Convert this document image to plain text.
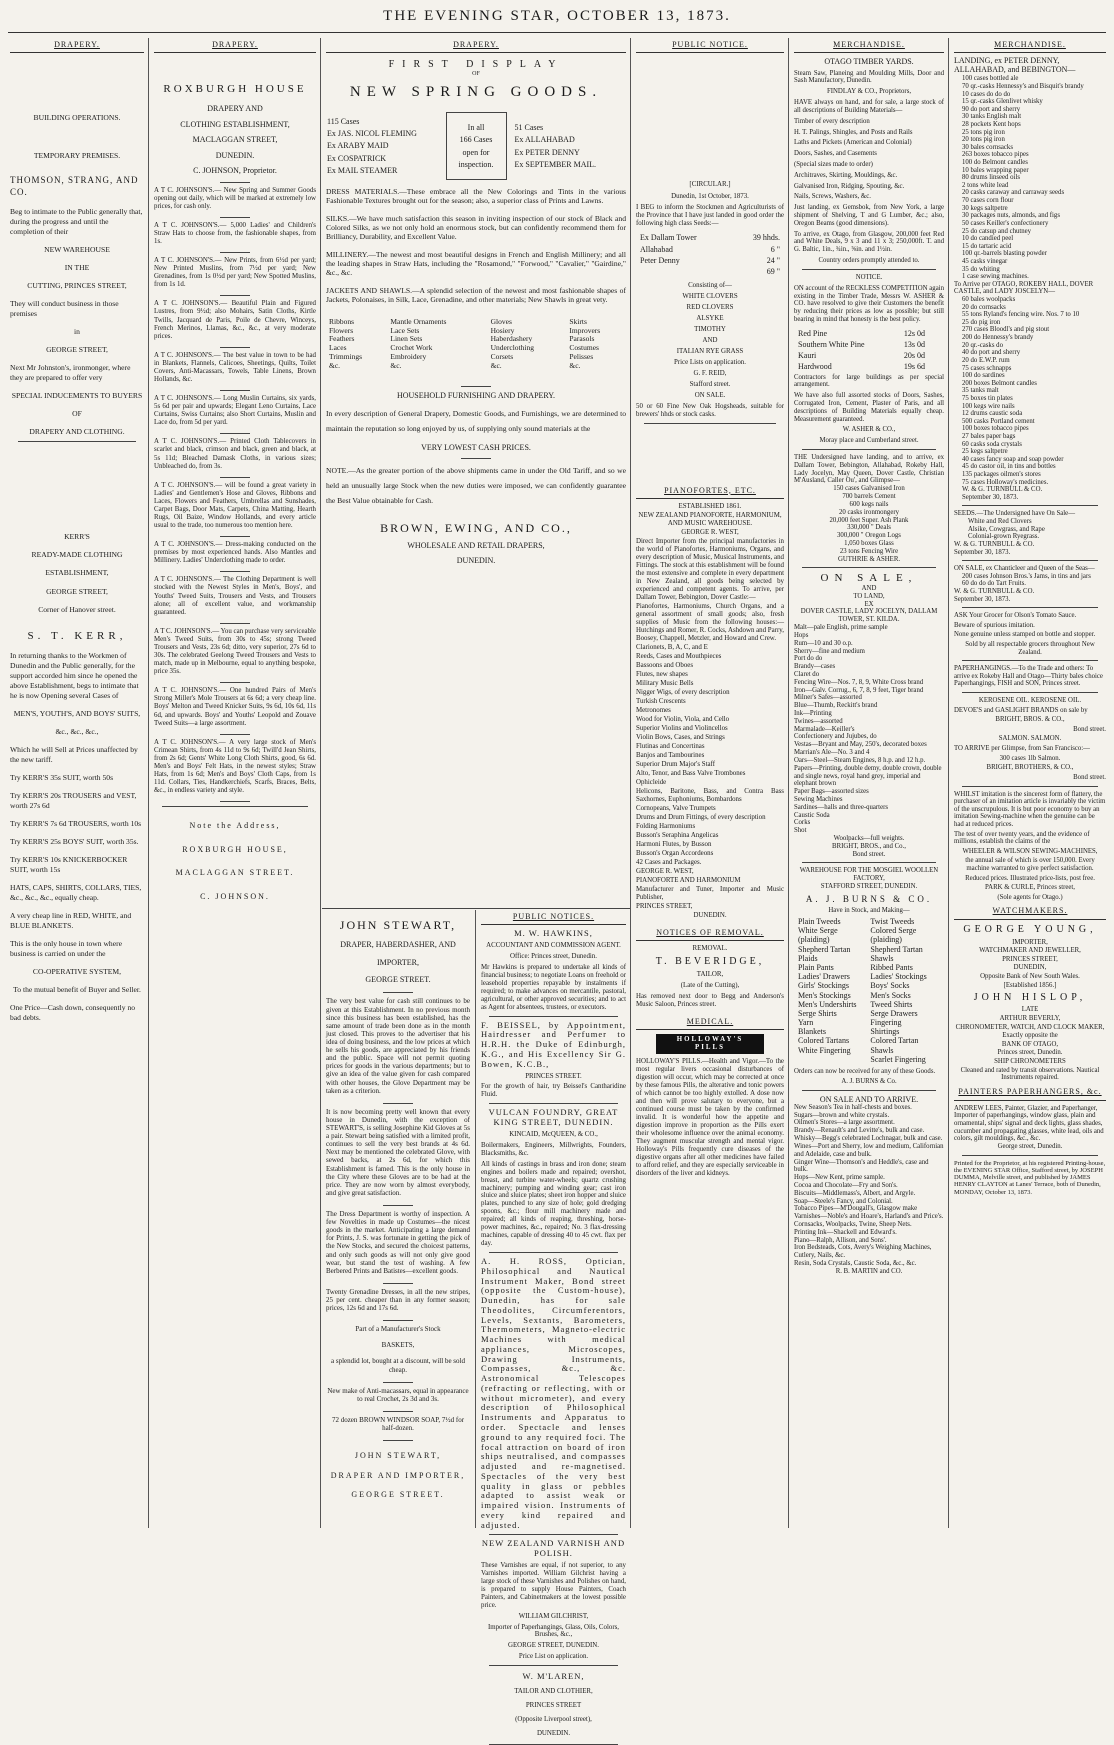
THE EVENING STAR, OCTOBER 13, 1873.
DRAPERY.
BUILDING OPERATIONS.
TEMPORARY PREMISES.
THOMSON, STRANG, AND CO.
Beg to intimate to the Public generally that, during the progress and until the completion of their
NEW WAREHOUSE
IN THE
CUTTING, PRINCES STREET,
They will conduct business in those premises
in
GEORGE STREET,
Next Mr Johnston's, ironmonger, where they are prepared to offer very
SPECIAL INDUCEMENTS TO BUYERS
OF
DRAPERY AND CLOTHING.
KERR'S
READY-MADE CLOTHING
ESTABLISHMENT,
GEORGE STREET,
Corner of Hanover street.
S. T. KERR,
In returning thanks to the Workmen of Dunedin and the Public generally, for the support accorded him since he opened the above Establishment, begs to intimate that he is now Opening several Cases of
MEN'S, YOUTH'S, AND BOYS' SUITS,
&c., &c., &c.,
Which he will Sell at Prices unaffected by the new tariff.
Try KERR'S 35s SUIT, worth 50s
Try KERR'S 20s TROUSERS and VEST, worth 27s 6d
Try KERR'S 7s 6d TROUSERS, worth 10s
Try KERR'S 25s BOYS' SUIT, worth 35s.
Try KERR'S 10s KNICKERBOCKER SUIT, worth 15s
HATS, CAPS, SHIRTS, COLLARS, TIES, &c., &c., &c., equally cheap.
A very cheap line in RED, WHITE, and BLUE BLANKETS.
This is the only house in town where business is carried on under the
CO-OPERATIVE SYSTEM,
To the mutual benefit of Buyer and Seller.
One Price—Cash down, consequently no bad debts.
DRAPERY.
ROXBURGH HOUSE
DRAPERY AND
CLOTHING ESTABLISHMENT,
MACLAGGAN STREET,
DUNEDIN.
C. JOHNSON, Proprietor.

A T C. JOHNSON'S.— New Spring and Summer Goods opening out daily, which will be marked at extremely low prices, for cash only.

A T C. JOHNSON'S.— 5,000 Ladies' and Children's Straw Hats to choose from, the fashionable shapes, from 1s.

A T C. JOHNSON'S.— New Prints, from 6½d per yard; New Printed Muslins, from 7½d per yard; New Grenadines, from 1s 0½d per yard; New Spotted Muslins, from 1s 1d.

A T C. JOHNSON'S.— Beautiful Plain and Figured Lustres, from 9½d; also Mohairs, Satin Cloths, Kirtle Twills, Jacquard de Paris, Poile de Chevre, Winceys, French Merinos, Llamas, &c., &c., at very moderate prices.

A T C. JOHNSON'S.— The best value in town to be had in Blankets, Flannels, Calicoes, Sheetings, Quilts, Toilet Covers, Anti-Macassars, Towels, Table Linens, Brown Hollands, &c.

A T C. JOHNSON'S.— Long Muslin Curtains, six yards, 5s 6d per pair and upwards; Elegant Leno Curtains, Lace Curtains, Swiss Curtains; also Short Curtains, Muslin and Lace do, from 5d per yard.

A T C. JOHNSON'S.— Printed Cloth Tablecovers in scarlet and black, crimson and black, green and black, at 5s 11d; Bleached Damask Cloths, in various sizes; Unbleached do, from 3s.

A T C. JOHNSON'S.— will be found a great variety in Ladies' and Gentlemen's Hose and Gloves, Ribbons and Laces, Flowers and Feathers, Umbrellas and Sunshades, Carpet Bags, Door Mats, Carpets, China Matting, Hearth Rugs, Oil Baize, Window Hollands, and every article usual to the trade, too numerous too mention here.

A T C. JOHNSON'S.— Dress-making conducted on the premises by most experienced hands. Also Mantles and Millinery. Ladies' Underclothing made to order.

A T C. JOHNSON'S.— The Clothing Department is well stocked with the Newest Styles in Men's, Boys', and Youths' Tweed Suits, Trousers and Vests, and Trousers alone; all of excellent value, and workmanship guaranteed.

A T C. JOHNSON'S.— You can purchase very serviceable Men's Tweed Suits, from 30s to 45s; strong Tweed Trousers and Vests, 23s 6d; ditto, very superior, 27s 6d to 30s. The celebrated Geelong Tweed Trousers and Vests to match, made up in Melbourne, equal to anything bespoke, price 35s.

A T C. JOHNSON'S.— One hundred Pairs of Men's Strong Miller's Mole Trousers at 6s 6d; a very cheap line. Boys' Melton and Tweed Knicker Suits, 9s 6d, 10s 6d, 11s 6d, and upwards. Boys' and Youths' Leopold and Zouave Tweed Suits—a large assortment.

A T C. JOHNSON'S.— A very large stock of Men's Crimean Shirts, from 4s 11d to 9s 6d; Twill'd Jean Shirts, from 2s 6d; Gents' White Long Cloth Shirts, good, 6s 6d. Men's and Boys' Felt Hats, in the newest styles; Straw Hats, from 1s 6d; Men's and Boys' Cloth Caps, from 1s 11d. Collars, Ties, Handkerchiefs, Scarfs, Braces, Belts, &c., in endless variety and style.

Note the Address,
ROXBURGH HOUSE,
MACLAGGAN STREET.
C. JOHNSON.
DRAPERY.
FIRST DISPLAY
OF
NEW SPRING GOODS.
115 Cases
Ex JAS. NICOL FLEMING
Ex ARABY MAID
Ex COSPATRICK
Ex MAIL STEAMER

In all
166 Cases
open for
inspection.

51 Cases
Ex ALLAHABAD
Ex PETER DENNY
Ex SEPTEMBER MAIL.

DRESS MATERIALS.—These embrace all the New Colorings and Tints in the various Fashionable Textures brought out for the season; also, a superior class of Prints and Lawns.

SILKS.—We have much satisfaction this season in inviting inspection of our stock of Black and Colored Silks, as we not only hold an enormous stock, but can confidently recommend them for Brilliancy, Durability, and Excellent Value.

MILLINERY.—The newest and most beautiful designs in French and English Millinery; and all the leading shapes in Straw Hats, including the "Rosamond," "Forwood," "Cavalier," "Gairdine," &c., &c.

JACKETS AND SHAWLS.—A splendid selection of the newest and most fashionable shapes of Jackets, Polonaises, in Silk, Lace, Grenadine, and other materials; New Shawls in great vety.

Ribbons
Flowers
Feathers
Laces
Trimmings
&c.

Mantle Ornaments
Lace Sets
Linen Sets
Crochet Work
Embroidery
&c.

Gloves
Hosiery
Haberdashery
Underclothing
Corsets
&c.

Skirts
Improvers
Parasols
Costumes
Pelisses
&c.
HOUSEHOLD FURNISHING AND DRAPERY.

In every description of General Drapery, Domestic Goods, and Furnishings, we are determined to maintain the reputation so long enjoyed by us, of supplying only sound materials at the

VERY LOWEST CASH PRICES.

NOTE.—As the greater portion of the above shipments came in under the Old Tariff, and so we held an unusually large Stock when the new duties were imposed, we can confidently guarantee the Best Value obtainable for Cash.

BROWN, EWING, AND CO.,
WHOLESALE AND RETAIL DRAPERS,
DUNEDIN.
JOHN STEWART,
DRAPER, HABERDASHER, AND
IMPORTER,
GEORGE STREET.

The very best value for cash still continues to be given at this Establishment. In no previous month since this business has been established, has the same amount of trade been done as in the month just closed. This proves to the advertiser that his idea of doing business, and the low prices at which he sells his goods, are appreciated by his friends and the public. Space will not permit quoting prices for goods in the various departments; but to give an idea of the value given for cash compared with other houses, the Glove Department may be taken as a criterion.

It is now becoming pretty well known that every house in Dunedin, with the exception of STEWART'S, is selling Josephine Kid Gloves at 5s a pair. Stewart being satisfied with a limited profit, continues to sell the very best brands at 4s 6d. Next may be mentioned the celebrated Glove, with sewed backs, at 2s 6d, for which this Establishment is famed. This is the only house in the City where these Gloves are to be had at the price. They are now worn by almost everybody, and give great satisfaction.

The Dress Department is worthy of inspection. A few Novelties in made up Costumes—the nicest goods in the market. Anticipating a large demand for Prints, J. S. was fortunate in getting the pick of the New Stocks, and secured the choicest patterns, and only such goods as will not only give good wear, but stand the test of washing. A few Berbered Prints and Batistes—excellent goods.

Twenty Grenadine Dresses, in all the new stripes, 25 per cent. cheaper than in any former season; prices, 12s 6d and 17s 6d.

Part of a Manufacturer's Stock

BASKETS,

a splendid lot, bought at a discount, will be sold cheap.

New make of Anti-macassars, equal in appearance to real Crochet, 2s 3d and 3s.

72 dozen BROWN WINDSOR SOAP, 7½d for half-dozen.

JOHN STEWART,
DRAPER AND IMPORTER,
GEORGE STREET.
PUBLIC NOTICES.

M. W. HAWKINS,

ACCOUNTANT AND COMMISSION AGENT.

Office: Princes street, Dunedin.

Mr Hawkins is prepared to undertake all kinds of financial business; to negotiate Loans on freehold or leasehold properties repayable by instalments if required; to make advances on mercantile, pastoral, agricultural, or other approved securities; and to act as Agent for absentees, trustees, or executors.

F. BEISSEL, by Appointment, Hairdresser and Perfumer to H.R.H. the Duke of Edinburgh, K.G., and His Excellency Sir G. Bowen, K.C.B.,

PRINCES STREET.

For the growth of hair, try Beissel's Cantharidine Fluid.

VULCAN FOUNDRY, GREAT KING STREET, DUNEDIN.

KINCAID, McQUEEN, & CO.,

Boilermakers, Engineers, Millwrights, Founders, Blacksmiths, &c.

All kinds of castings in brass and iron done; steam engines and boilers made and repaired; overshot, breast, and turbine water-wheels; quartz crushing machinery; pumping and winding gear; cast iron sluice and sluice plates; sheet iron hopper and sluice plates, punched to any size of hole; gold dredging spoons, &c.; flour mill machinery made and repaired; all kinds of reaping, threshing, horse-power machines, &c., repaired; No. 3 flax-dressing machines, capable of dressing 40 to 45 cwt. flax per day.

A. H. ROSS, Optician, Philosophical and Nautical Instrument Maker, Bond street (opposite the Custom-house), Dunedin, has for sale Theodolites, Circumferentors, Levels, Sextants, Barometers, Thermometers, Magneto-electric Machines with medical appliances, Microscopes, Drawing Instruments, Compasses, &c., &c. Astronomical Telescopes (refracting or reflecting, with or without micrometer), and every description of Philosophical Instruments and Apparatus to order. Spectacle and lenses ground to any required foci. The focal attraction on board of iron ships neutralised, and compasses adjusted and re-magnetised. Spectacles of the very best quality in glass or pebbles adapted to assist weak or impaired vision. Instruments of every kind repaired and adjusted.

NEW ZEALAND VARNISH AND POLISH.

These Varnishes are equal, if not superior, to any Varnishes imported. William Gilchrist having a large stock of these Varnishes and Polishes on hand, is prepared to supply House Painters, Coach Painters, and Cabinetmakers at the lowest possible price.

WILLIAM GILCHRIST,

Importer of Paperhangings, Glass, Oils, Colors, Brushes, &c.,

GEORGE STREET, DUNEDIN.

Price List on application.

W. M'LAREN,

TAILOR AND CLOTHIER,

PRINCES STREET

(Opposite Liverpool street),

DUNEDIN.

PUBLIC NOTICE.

[CIRCULAR.]

Dunedin, 1st October, 1873.

I BEG to inform the Stockmen and Agriculturists of the Province that I have just landed in good order the following high class Seeds:—

Ex Dallam Tower	39 hhds.
Allahabad	6 "
Peter Denny	24 "
	69 "
Consisting of—
WHITE CLOVERS
RED CLOVERS
ALSYKE
TIMOTHY
AND
ITALIAN RYE GRASS
Price Lists on application.
G. F. REID,
Stafford street.
ON SALE.
50 or 60 Fine New Oak Hogsheads, suitable for brewers' hhds or stock casks.
PIANOFORTES, ETC.

ESTABLISHED 1861.

NEW ZEALAND PIANOFORTE, HARMONIUM, AND MUSIC WAREHOUSE.

GEORGE R. WEST,

Direct Importer from the principal manufactories in the world of Pianofortes, Harmoniums, Organs, and every description of Music, Musical Instruments, and Fittings. The stock at this establishment will be found the most extensive and complete in every department in New Zealand, all goods being selected by experienced and competent agents. To arrive, per Dallam Tower, Bebington, Dover Castle:—

Pianofortes, Harmoniums, Church Organs, and a general assortment of small goods; also, fresh supplies of Music from the following houses:—Hutchings and Romer, R. Cocks, Ashdown and Parry, Boosey, Chappell, Metzler, and Howard and Crew.

Clarionets, B, A, C, and E

Reeds, Cases and Mouthpieces

Bassoons and Oboes

Flutes, new shapes

Military Music Bells

Nigger Wigs, of every description

Turkish Crescents

Metronomes

Wood for Violin, Viola, and Cello

Superior Violins and Violincellos

Violin Bows, Cases, and Strings

Flutinas and Concertinas

Banjos and Tambourines

Superior Drum Major's Staff

Alto, Tenor, and Bass Valve Trombones

Ophicleide

Helicons, Baritone, Bass, and Contra Bass Saxhornes, Euphoniums, Bombardons

Cornopeans, Valve Trumpets

Drums and Drum Fittings, of every description

Folding Harmoniums

Busson's Seraphina Angelicas

Harmoni Flutes, by Busson

Busson's Organ Accordeons

42 Cases and Packages.

GEORGE R. WEST,

PIANOFORTE AND HARMONIUM

Manufacturer and Tuner, Importer and Music Publisher,

PRINCES STREET,

DUNEDIN.

NOTICES OF REMOVAL.

REMOVAL.

T. BEVERIDGE,

TAILOR,

(Late of the Cutting),

Has removed next door to Begg and Anderson's Music Saloon, Princes street.

MEDICAL.
HOLLOWAY'S PILLS

HOLLOWAY'S PILLS.—Health and Vigor.—To the most regular livers occasional disturbances of digestion will occur, which may be corrected at once by these famous Pills, the alterative and tonic powers of which cannot be too highly extolled. A dose now and then will prove salutary to everyone, but a continued course must be taken by the confirmed invalid. It is wonderful how the appetite and digestion improve in proportion as the Pills exert their wholesome influence over the animal economy. They augment muscular strength and mental vigor. Holloway's Pills frequently cure diseases of the digestive organs after all other medicines have failed to afford relief, and they are especially serviceable in disorders of the liver and kidneys.

MERCHANDISE.

OTAGO TIMBER YARDS.

Steam Saw, Planeing and Moulding Mills, Door and Sash Manufactory, Dunedin.

FINDLAY & CO., Proprietors,

HAVE always on hand, and for sale, a large stock of all descriptions of Building Materials—

Timber of every description

H. T. Palings, Shingles, and Posts and Rails

Laths and Pickets (American and Colonial)

Doors, Sashes, and Casements

(Special sizes made to order)

Architraves, Skirting, Mouldings, &c.

Galvanised Iron, Ridging, Spouting, &c.

Nails, Screws, Washers, &c.

Just landing, ex Gemsbok, from New York, a large shipment of Shelving, T and G Lumber, &c.; also, Oregon Beams (good dimensions).

To arrive, ex Otago, from Glasgow, 200,000 feet Red and White Deals, 9 x 3 and 11 x 3; 250,000ft. T. and G. Baltic, 1in., ¾in., ⅝in. and 1½in.

Country orders promptly attended to.

NOTICE.

ON account of the RECKLESS COMPETITION again existing in the Timber Trade, Messrs W. ASHER & CO. have resolved to give their Customers the benefit by reducing their prices as low as possible; but still bearing in mind that honesty is the best policy.

Red Pine	12s 0d
Southern White Pine	13s 0d
Kauri	20s 0d
Hardwood	19s 6d

Contractors for large buildings as per special arrangement.

We have also full assorted stocks of Doors, Sashes, Corrugated Iron, Cement, Plaster of Paris, and all descriptions of Building Materials equally cheap. Measurement guaranteed.

W. ASHER & CO.,

Moray place and Cumberland street.

THE Undersigned have landing, and to arrive, ex Dallam Tower, Bebington, Allahabad, Rokeby Hall, Lady Jocelyn, May Queen, Dover Castle, Christian M'Ausland, Caller Ou', and Glimpse—
150 cases Galvanised Iron
700 barrels Cement
600 kegs nails
20 casks ironmongery
20,000 feet Super. Ash Plank
330,000 " Deals
300,000 " Oregon Logs
1,050 boxes Glass
23 tons Fencing Wire
GUTHRIE & ASHER.
ON SALE,
AND
TO LAND,
EX
DOVER CASTLE, LADY JOCELYN, DALLAM TOWER, ST. KILDA.
Malt—pale English, prime sample
Hops
Rum—10 and 30 o.p.
Sherry—fine and medium
Port do do
Brandy—cases
Claret do
Fencing Wire—Nos. 7, 8, 9, White Cross brand
Iron—Galv. Corrug., 6, 7, 8, 9 feet, Tiger brand
Milner's Safes—assorted
Blue—Thumb, Reckitt's brand
Ink—Printing
Twines—assorted
Marmalade—Keiller's
Confectionery and Jujubes, do
Vestas—Bryant and May, 250's, decorated boxes
Marrian's Ale—No. 3 and 4
Oars—Steel—Steam Engines, 8 h.p. and 12 h.p.
Papers—Printing, double demy, double crown, double and single news, royal hand grey, imperial and elephant brown
Paper Bags—assorted sizes
Sewing Machines
Sardines—halls and three-quarters
Caustic Soda
Corks
Shot
Woolpacks—full weights.
BRIGHT, BROS., and Co.,
Bond street.
WAREHOUSE FOR THE MOSGIEL WOOLLEN FACTORY,
STAFFORD STREET, DUNEDIN.
A. J. BURNS & CO.
Have in Stock, and Making—
Plain Tweeds
White Serge (plaiding)
Shepherd Tartan Plaids
Plain Pants
Ladies' Drawers
Girls' Stockings
Men's Stockings
Men's Undershirts
Serge Shirts
Yarn
Blankets
Colored Tartans
White Fingering

Twist Tweeds
Colored Serge (plaiding)
Shepherd Tartan Shawls
Ribbed Pants
Ladies' Stockings
Boys' Socks
Men's Socks
Tweed Shirts
Serge Drawers
Fingering
Shirtings
Colored Tartan Shawls
Scarlet Fingering
Orders can now be received for any of these Goods.
A. J. BURNS & Co.
ON SALE AND TO ARRIVE.
New Season's Tea in half-chests and boxes.
Sugars—brown and white crystals.
Oilmen's Stores—a large assortment.
Brandy—Renault's and Levitte's, bulk and case.
Whisky—Begg's celebrated Lochnagar, bulk and case.
Wines—Port and Sherry, low and medium, Californian and Adelaide, case and bulk.
Ginger Wine—Thomson's and Heddle's, case and bulk.
Hops—New Kent, prime sample.
Cocoa and Chocolate—Fry and Son's.
Biscuits—Middlemass's, Albert, and Argyle.
Soap—Steele's Fancy, and Colonial.
Tobacco Pipes—M'Dougall's, Glasgow make
Varnishes—Noble's and Hoare's, Harland's and Price's.
Cornsacks, Woolpacks, Twine, Sheep Nets.
Printing Ink—Shackell and Edward's.
Piano—Ralph, Allison, and Sons'.
Iron Bedsteads, Cots, Avery's Weighing Machines, Cutlery, Nails, &c.
Resin, Soda Crystals, Caustic Soda, &c., &c.
R. B. MARTIN and CO.
MERCHANDISE.
LANDING, ex PETER DENNY, ALLAHABAD, and BEBINGTON—
100 cases bottled ale
70 qr.-casks Hennessy's and Bisquit's brandy
10 cases do do do
15 qr.-casks Glenlivet whisky
90 do port and sherry
30 tanks English malt
28 pockets Kent hops
25 tons pig iron
20 tons pig iron
30 bales cornsacks
263 boxes tobacco pipes
100 do Belmont candles
10 bales wrapping paper
80 drums linseed oils
2 tons white lead
20 casks caraway and carraway seeds
70 cases corn flour
30 kegs saltpetre
30 packages nuts, almonds, and figs
50 cases Keiller's confectionery
25 do catsup and chutney
10 do candied peel
15 do tartaric acid
100 qr.-barrels blasting powder
45 casks vinegar
35 do whiting
1 case sewing machines.
To Arrive per OTAGO, ROKEBY HALL, DOVER CASTLE, and LADY JOSCELYN—
60 bales woolpacks
20 do cornsacks
55 tons Ryland's fencing wire. Nos. 7 to 10
25 do pig iron
270 cases Bloodl's and pig stout
200 do Hennessy's brandy
20 qr.-casks do
40 do port and sherry
20 do E.W.P. rum
75 cases schnapps
100 do sardines
200 boxes Belmont candles
35 tanks malt
75 boxes tin plates
100 kegs wire nails
12 drums caustic soda
500 casks Portland cement
100 boxes tobacco pipes
27 bales paper bags
60 casks soda crystals
25 kegs saltpetre
40 cases fancy soap and soap powder
45 do castor oil, in tins and bottles
135 packages oilmen's stores
75 cases Holloway's medicines.
W. & G. TURNBULL & CO.
September 30, 1873.
SEEDS.—The Undersigned have On Sale—
White and Red Clovers
Alsike, Cowgrass, and Rape
Colonial-grown Ryegrass.
W. & G. TURNBULL & CO.
September 30, 1873.
ON SALE, ex Chanticleer and Queen of the Seas—
200 cases Johnson Bros.'s Jams, in tins and jars
60 do do do Tart Fruits.
W. & G. TURNBULL & CO.
September 30, 1873.
ASK Your Grocer for Olson's Tomato Sauce.
Beware of spurious imitation.
None genuine unless stamped on bottle and stopper.
Sold by all respectable grocers throughout New Zealand.
PAPERHANGINGS.—To the Trade and others: To arrive ex Rokeby Hall and Otago—Thirty bales choice Paperhangings, FISH and SON, Princes street.
KEROSENE OIL. KEROSENE OIL.
DEVOE'S and GASLIGHT BRANDS on sale by
BRIGHT, BROS. & CO.,
Bond street.
SALMON. SALMON.
TO ARRIVE per Glimpse, from San Francisco:—
300 cases 1lb Salmon.
BRIGHT, BROTHERS, & CO.,
Bond street.
WHILST imitation is the sincerest form of flattery, the purchaser of an imitation article is invariably the victim of the unscrupulous. It is but poor economy to buy an imitation Sewing-machine when the genuine can be had at reduced prices.
The test of over twenty years, and the evidence of millions, establish the claims of the
WHEELER & WILSON SEWING-MACHINES,
the annual sale of which is over 150,000. Every machine warranted to give perfect satisfaction.
Reduced prices. Illustrated price-lists, post free.
PARK & CURLE, Princes street,
(Sole agents for Otago.)
WATCHMAKERS.
GEORGE YOUNG,
IMPORTER,
WATCHMAKER AND JEWELLER,
PRINCES STREET,
DUNEDIN,
Opposite Bank of New South Wales.
[Established 1856.]
JOHN HISLOP,
LATE
ARTHUR BEVERLY,
CHRONOMETER, WATCH, AND CLOCK MAKER,
Exactly opposite the
BANK OF OTAGO,
Princes street, Dunedin.
SHIP CHRONOMETERS
Cleaned and rated by transit observations. Nautical Instruments repaired.
PAINTERS PAPERHANGERS, &c.
ANDREW LEES, Painter, Glazier, and Paperhanger, Importer of paperhangings, window glass, plain and ornamental, ships' signal and deck lights, glass shades, cucumber and propagating glasses, white lead, oils and colors, gilt mouldings, &c., &c.
George street, Dunedin.
Printed for the Proprietor, at his registered Printing-house, the EVENING STAR Office, Stafford street, by JOSEPH DUMMA, Melville street, and published by JAMES HENRY CLAYTON at Lanes' Terrace, both of Dunedin, MONDAY, October 13, 1873.
